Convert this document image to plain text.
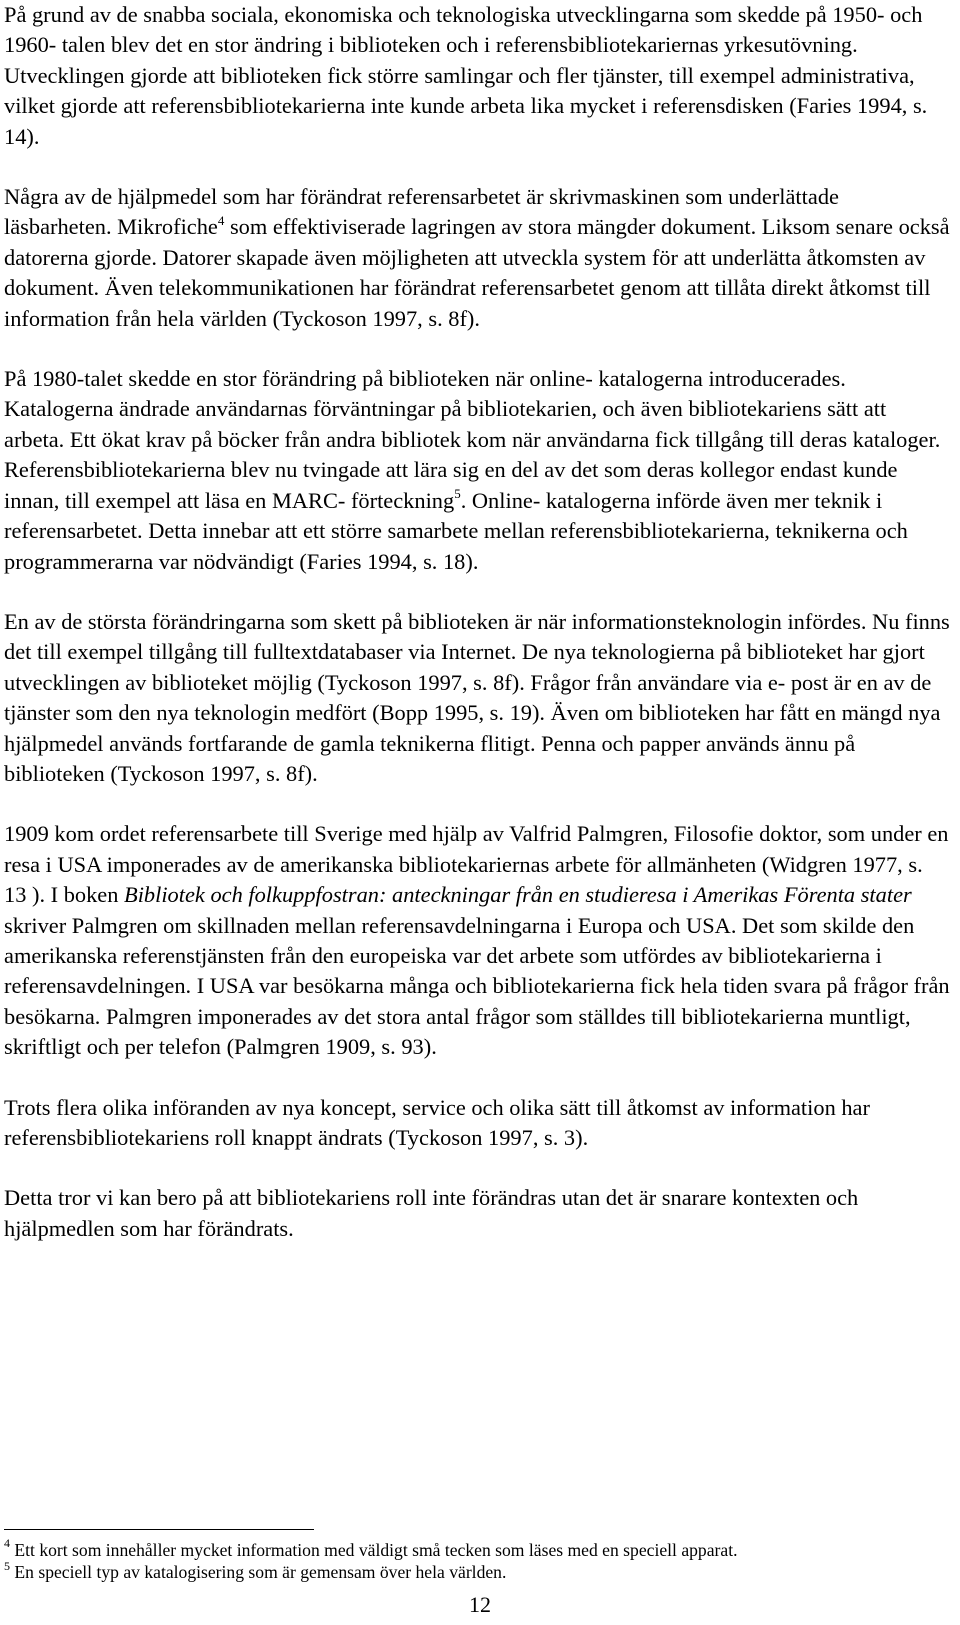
På grund av de snabba sociala, ekonomiska och teknologiska utvecklingarna som skedde på 1950- och 1960- talen blev det en stor ändring i biblioteken och i referensbibliotekariernas yrkesutövning. Utvecklingen gjorde att biblioteken fick större samlingar och fler tjänster, till exempel administrativa, vilket gjorde att referensbibliotekarierna inte kunde arbeta lika mycket i referensdisken (Faries 1994, s. 14).

Några av de hjälpmedel som har förändrat referensarbetet är skrivmaskinen som underlättade läsbarheten. Mikrofiche$^4$ som effektiviserade lagringen av stora mängder dokument. Liksom senare också datorerna gjorde. Datorer skapade även möjligheten att utveckla system för att underlätta åtkomsten av dokument. Även telekommunikationen har förändrat referensarbetet genom att tillåta direkt åtkomst till information från hela världen (Tyckoson 1997, s. 8f).

På 1980-talet skedde en stor förändring på biblioteken när online- katalogerna introducerades. Katalogerna ändrade användarnas förväntningar på bibliotekarien, och även bibliotekariens sätt att arbeta. Ett ökat krav på böcker från andra bibliotek kom när användarna fick tillgång till deras kataloger. Referensbibliotekarierna blev nu tvingade att lära sig en del av det som deras kollegor endast kunde innan, till exempel att läsa en MARC- förteckning$^5$. Online- katalogerna införde även mer teknik i referensarbetet. Detta innebar att ett större samarbete mellan referensbibliotekarierna, teknikerna och programmerarna var nödvändigt (Faries 1994, s. 18).

En av de största förändringarna som skett på biblioteken är när informationsteknologin infördes. Nu finns det till exempel tillgång till fulltextdatabaser via Internet. De nya teknologierna på biblioteket har gjort utvecklingen av biblioteket möjlig (Tyckoson 1997, s. 8f). Frågor från användare via e- post är en av de tjänster som den nya teknologin medfört (Bopp 1995, s. 19). Även om biblioteken har fått en mängd nya hjälpmedel används fortfarande de gamla teknikerna flitigt. Penna och papper används ännu på biblioteken (Tyckoson 1997, s. 8f).

1909 kom ordet referensarbete till Sverige med hjälp av Valfrid Palmgren, Filosofie doktor, som under en resa i USA imponerades av de amerikanska bibliotekariernas arbete för allmänheten (Widgren 1977, s. 13 ). I boken Bibliotek och folkuppfostran: anteckningar från en studieresa i Amerikas Förenta stater skriver Palmgren om skillnaden mellan referensavdelningarna i Europa och USA. Det som skilde den amerikanska referenstjänsten från den europeiska var det arbete som utfördes av bibliotekarierna i referensavdelningen. I USA var besökarna många och bibliotekarierna fick hela tiden svara på frågor från besökarna. Palmgren imponerades av det stora antal frågor som ställdes till bibliotekarierna muntligt, skriftligt och per telefon (Palmgren 1909, s. 93).

Trots flera olika införanden av nya koncept, service och olika sätt till åtkomst av information har referensbibliotekariens roll knappt ändrats (Tyckoson 1997, s. 3).

Detta tror vi kan bero på att bibliotekariens roll inte förändras utan det är snarare kontexten och hjälpmedlen som har förändrats.

$^4$ Ett kort som innehåller mycket information med väldigt små tecken som läses med en speciell apparat.

$^5$ En speciell typ av katalogisering som är gemensam över hela världen.

12
